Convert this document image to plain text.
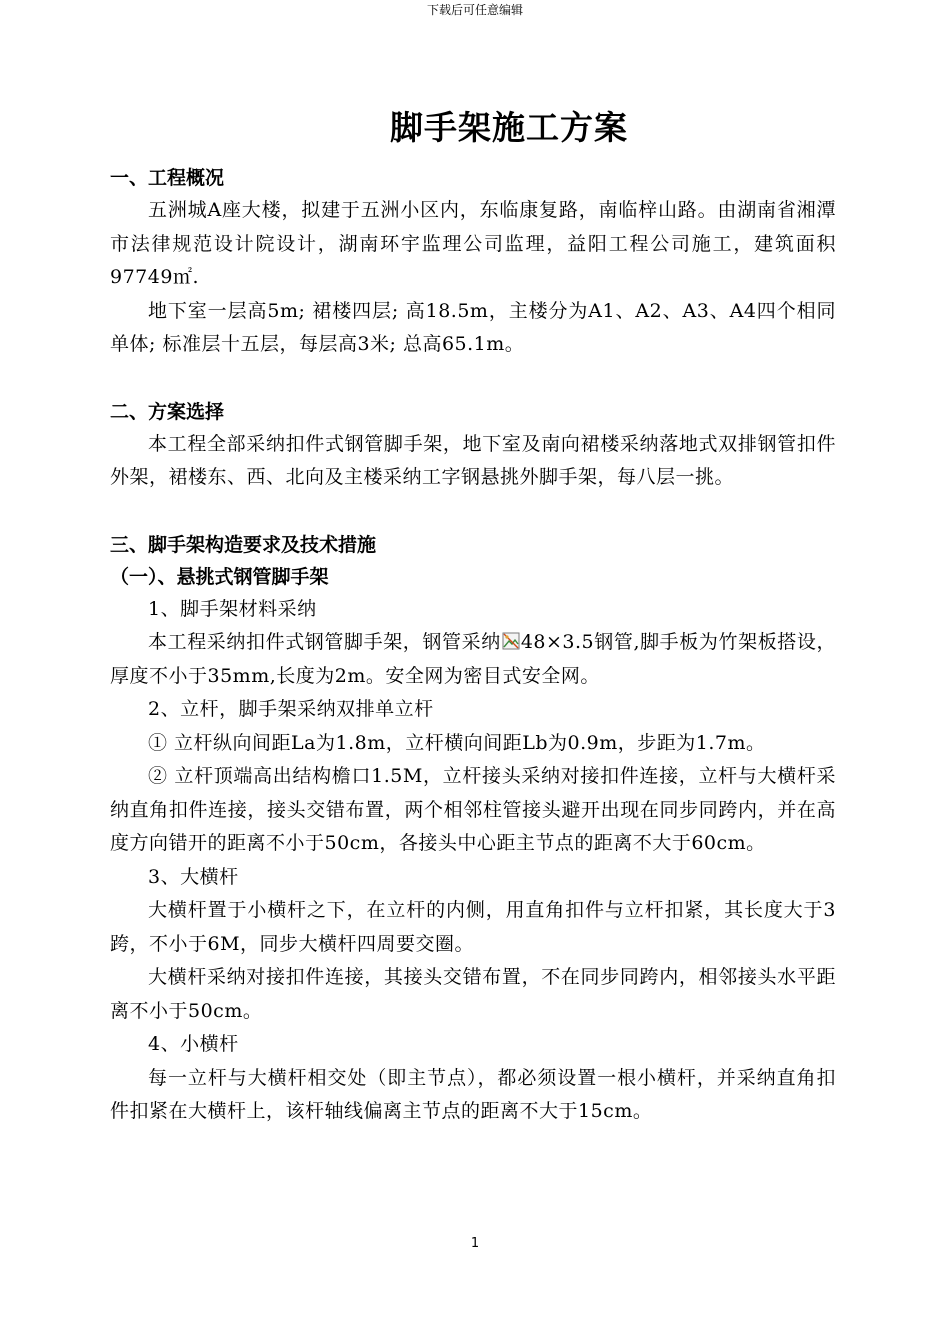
下载后可任意编辑
脚手架施工方案
一、工程概况

五洲城A座大楼，拟建于五洲小区内，东临康复路，南临梓山路。由湖南省湘潭市法律规范设计院设计，湖南环宇监理公司监理，益阳工程公司施工，建筑面积97749㎡.

地下室一层高5m; 裙楼四层; 高18.5m，主楼分为A1、A2、A3、A4四个相同单体; 标准层十五层，每层高3米; 总高65.1m。

二、方案选择

本工程全部采纳扣件式钢管脚手架，地下室及南向裙楼采纳落地式双排钢管扣件外架，裙楼东、西、北向及主楼采纳工字钢悬挑外脚手架，每八层一挑。

三、脚手架构造要求及技术措施
（一）、悬挑式钢管脚手架

1、脚手架材料采纳

本工程采纳扣件式钢管脚手架，钢管采纳 48×3.5钢管,脚手板为竹架板搭设，厚度不小于35mm,长度为2m。安全网为密目式安全网。

2、立杆，脚手架采纳双排单立杆

① 立杆纵向间距La为1.8m，立杆横向间距Lb为0.9m，步距为1.7m。

② 立杆顶端高出结构檐口1.5M，立杆接头采纳对接扣件连接，立杆与大横杆采纳直角扣件连接，接头交错布置，两个相邻柱管接头避开出现在同步同跨内，并在高度方向错开的距离不小于50cm，各接头中心距主节点的距离不大于60cm。

3、大横杆

大横杆置于小横杆之下，在立杆的内侧，用直角扣件与立杆扣紧，其长度大于3跨，不小于6M，同步大横杆四周要交圈。

大横杆采纳对接扣件连接，其接头交错布置，不在同步同跨内，相邻接头水平距离不小于50cm。

4、小横杆

每一立杆与大横杆相交处（即主节点），都必须设置一根小横杆，并采纳直角扣件扣紧在大横杆上，该杆轴线偏离主节点的距离不大于15cm。

1
